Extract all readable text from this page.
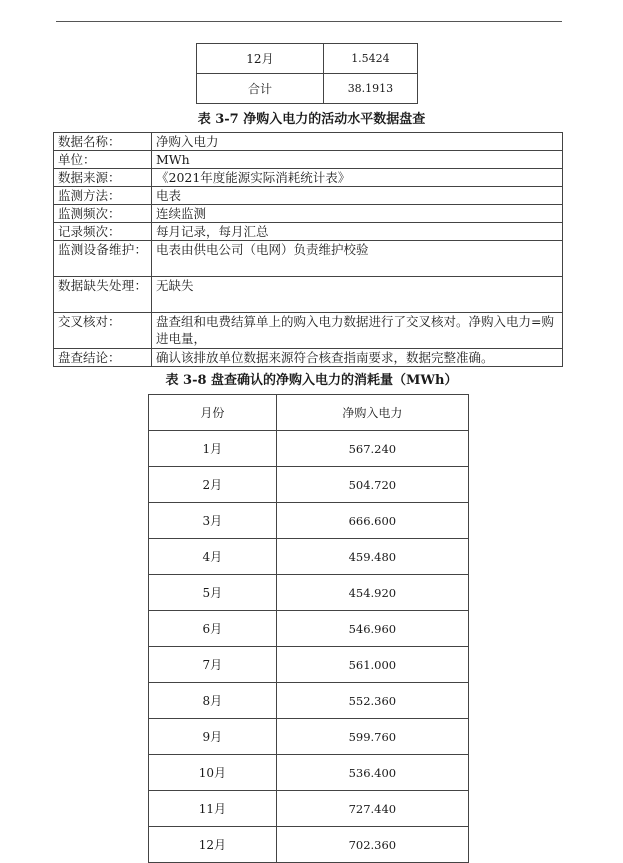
12月	1.5424
合计	38.1913
表 3-7 净购入电力的活动水平数据盘查
数据名称：	净购入电力
单位：	MWh
数据来源：	《2021年度能源实际消耗统计表》
监测方法：	电表
监测频次：	连续监测
记录频次：	每月记录，每月汇总

监测设备维护：	电表由供电公司（电网）负责维护校验

数据缺失处理：	无缺失
交叉核对：	盘查组和电费结算单上的购入电力数据进行了交叉核对。净购入电力=购进电量，
盘查结论：	确认该排放单位数据来源符合核查指南要求，数据完整准确。
表 3-8 盘查确认的净购入电力的消耗量（MWh）
月份	净购入电力
1月	567.240
2月	504.720
3月	666.600
4月	459.480
5月	454.920
6月	546.960
7月	561.000
8月	552.360
9月	599.760
10月	536.400
11月	727.440
12月	702.360
